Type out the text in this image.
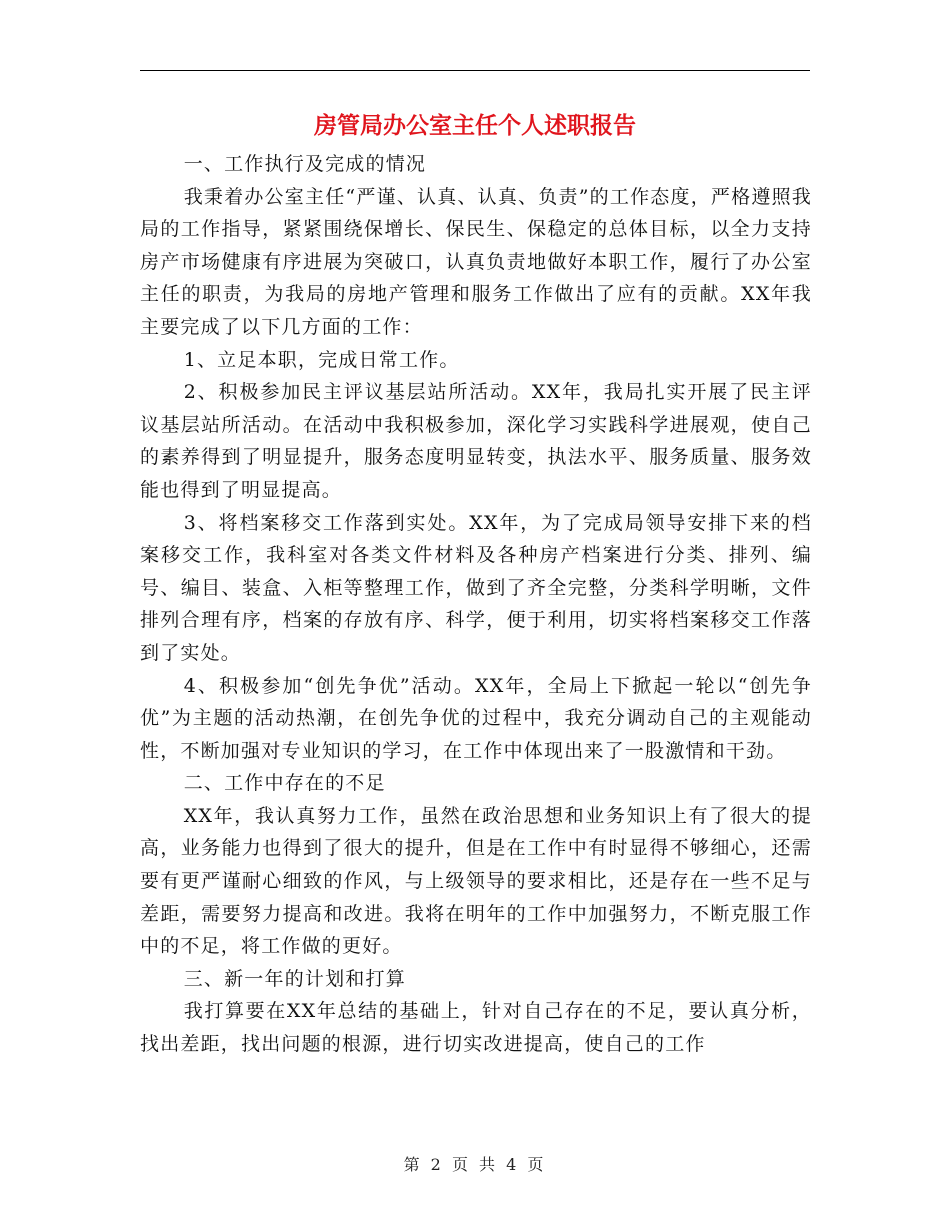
房管局办公室主任个人述职报告

一、工作执行及完成的情况

我秉着办公室主任“严谨、认真、认真、负责”的工作态度，严格遵照我局的工作指导，紧紧围绕保增长、保民生、保稳定的总体目标，以全力支持房产市场健康有序进展为突破口，认真负责地做好本职工作，履行了办公室主任的职责，为我局的房地产管理和服务工作做出了应有的贡献。XX年我主要完成了以下几方面的工作：

1、立足本职，完成日常工作。

2、积极参加民主评议基层站所活动。XX年，我局扎实开展了民主评议基层站所活动。在活动中我积极参加，深化学习实践科学进展观，使自己的素养得到了明显提升，服务态度明显转变，执法水平、服务质量、服务效能也得到了明显提高。

3、将档案移交工作落到实处。XX年，为了完成局领导安排下来的档案移交工作，我科室对各类文件材料及各种房产档案进行分类、排列、编号、编目、装盒、入柜等整理工作，做到了齐全完整，分类科学明晰，文件排列合理有序，档案的存放有序、科学，便于利用，切实将档案移交工作落到了实处。

4、积极参加“创先争优”活动。XX年，全局上下掀起一轮以“创先争优”为主题的活动热潮，在创先争优的过程中，我充分调动自己的主观能动性，不断加强对专业知识的学习，在工作中体现出来了一股激情和干劲。

二、工作中存在的不足

XX年，我认真努力工作，虽然在政治思想和业务知识上有了很大的提高，业务能力也得到了很大的提升，但是在工作中有时显得不够细心，还需要有更严谨耐心细致的作风，与上级领导的要求相比，还是存在一些不足与差距，需要努力提高和改进。我将在明年的工作中加强努力，不断克服工作中的不足，将工作做的更好。

三、新一年的计划和打算

我打算要在XX年总结的基础上，针对自己存在的不足，要认真分析，找出差距，找出问题的根源，进行切实改进提高，使自己的工作

第 2 页 共 4 页
